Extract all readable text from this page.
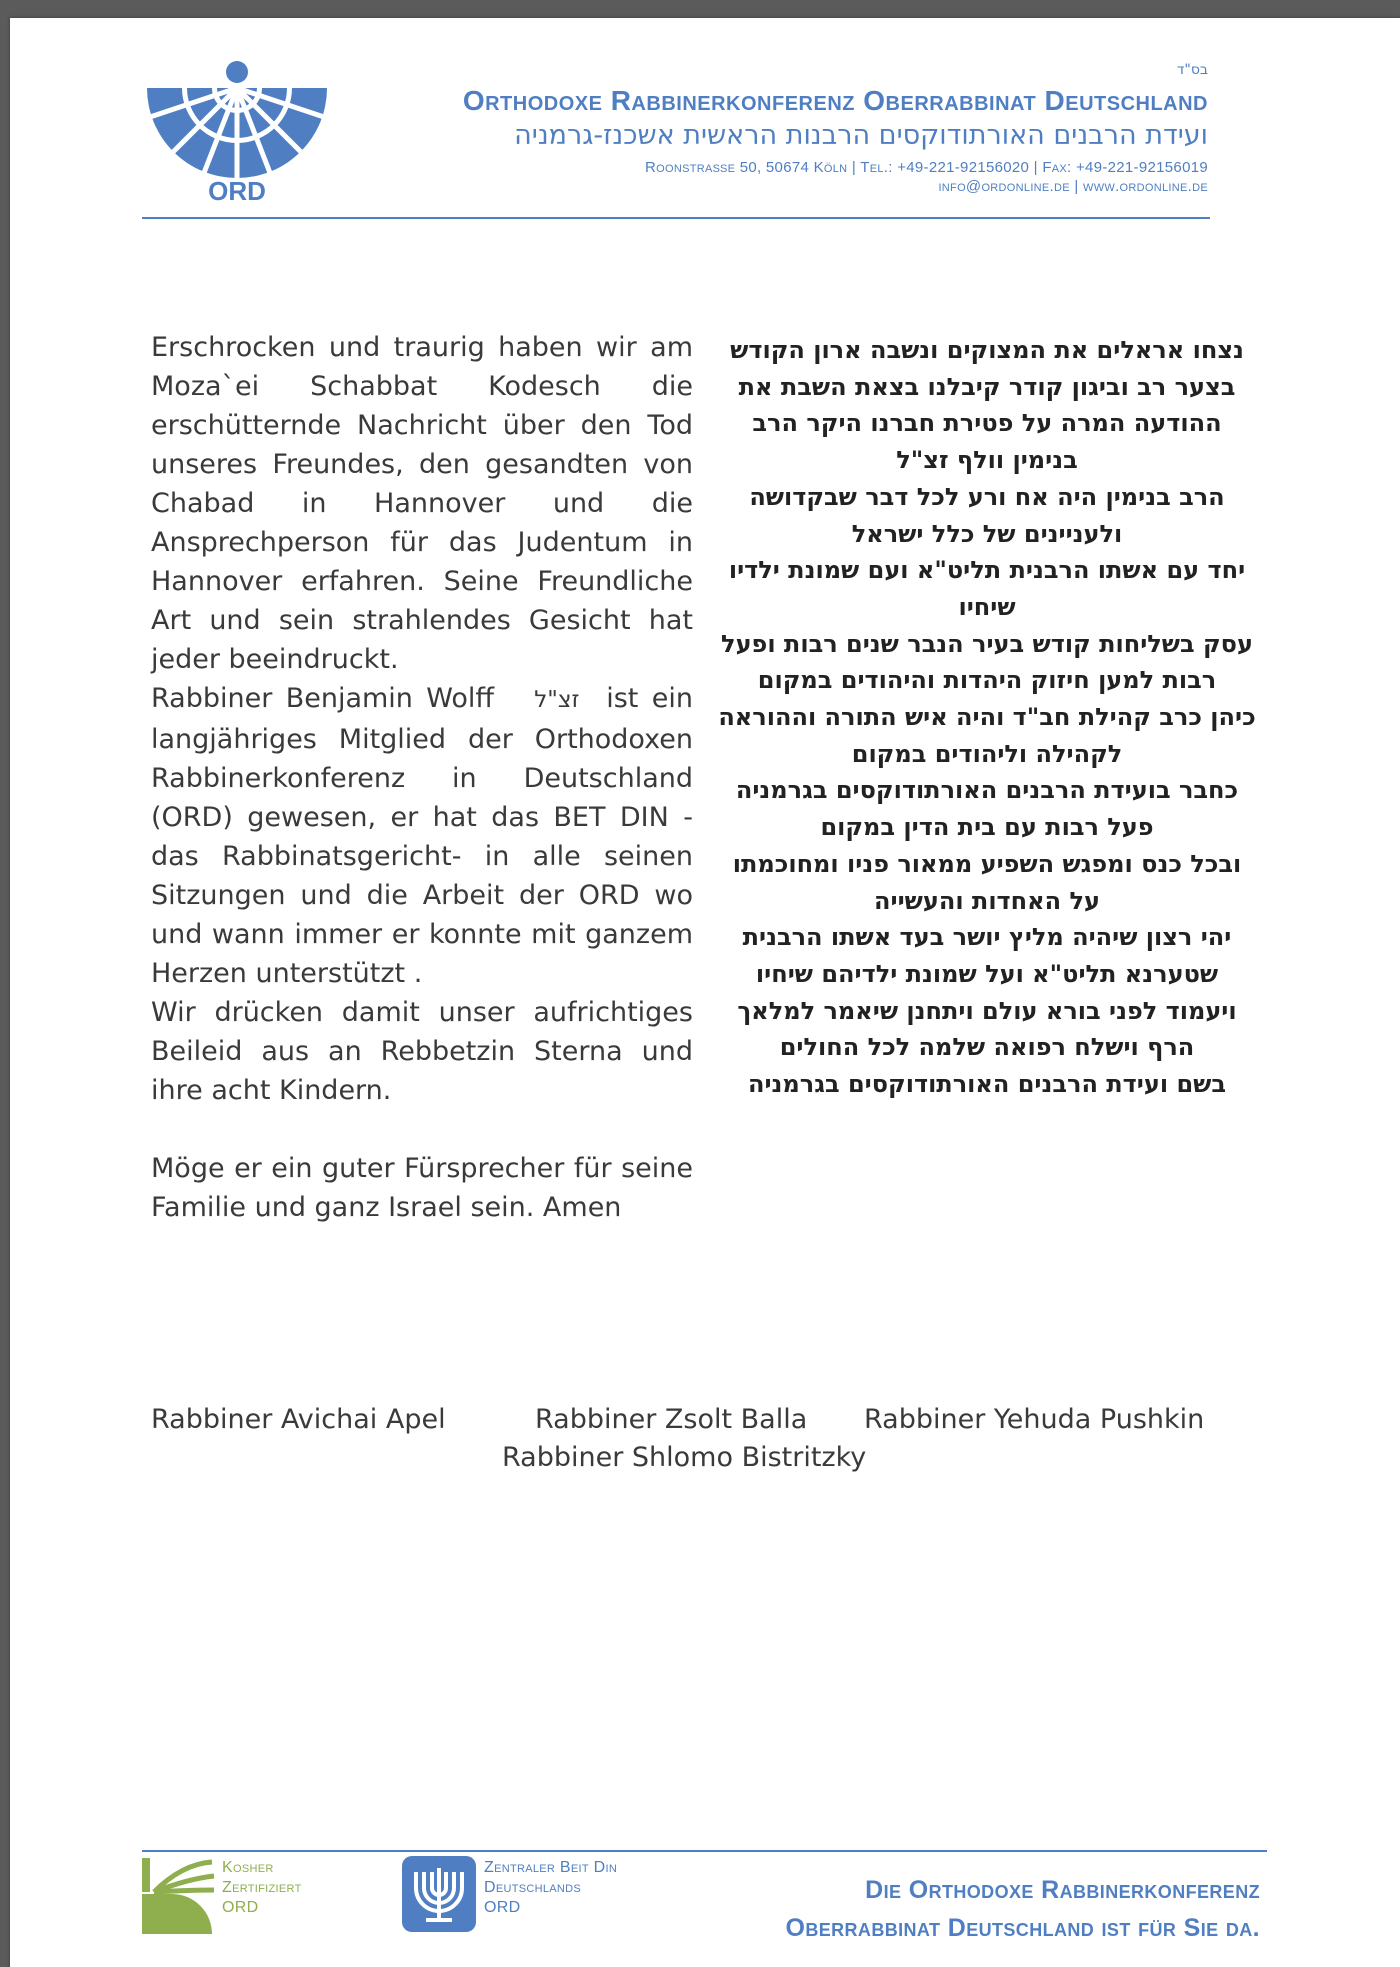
ORD
בס"ד
Orthodoxe Rabbinerkonferenz Oberrabbinat Deutschland
ועידת הרבנים האורתודוקסים הרבנות הראשית אשכנז-גרמניה
Roonstraße 50, 50674 Köln | Tel.: +49-221-92156020 | Fax: +49-221-92156019
info@ordonline.de | www.ordonline.de

Erschrocken und traurig haben wir am Moza`ei Schabbat Kodesch die erschütternde Nachricht über den Tod unseres Freundes, den gesandten von Chabad in Hannover und die Ansprechperson für das Judentum in Hannover erfahren. Seine Freundliche Art und sein strahlendes Gesicht hat jeder beeindruckt.

Rabbiner Benjamin Wolff זצ"ל ist ein langjähriges Mitglied der Orthodoxen Rabbinerkonferenz in Deutschland (ORD) gewesen, er hat das BET DIN -das Rabbinatsgericht- in alle seinen Sitzungen und die Arbeit der ORD wo und wann immer er konnte mit ganzem Herzen unterstützt .

Wir drücken damit unser aufrichtiges Beileid aus an Rebbetzin Sterna und ihre acht Kindern.

Möge er ein guter Fürsprecher für seine Familie und ganz Israel sein. Amen

נצחו אראלים את המצוקים ונשבה ארון הקודש

בצער רב וביגון קודר קיבלנו בצאת השבת את ההודעה המרה על פטירת חברנו היקר הרב בנימין וולף זצ"ל

הרב בנימין היה אח ורע לכל דבר שבקדושה ולעניינים של כלל ישראל

יחד עם אשתו הרבנית תליט"א ועם שמונת ילדיו שיחיו

עסק בשליחות קודש בעיר הנבר שנים רבות ופעל רבות למען חיזוק היהדות והיהודים במקום

כיהן כרב קהילת חב"ד והיה איש התורה וההוראה לקהילה וליהודים במקום

כחבר בועידת הרבנים האורתודוקסים בגרמניה פעל רבות עם בית הדין במקום

ובכל כנס ומפגש השפיע ממאור פניו ומחוכמתו על האחדות והעשייה

יהי רצון שיהיה מליץ יושר בעד אשתו הרבנית שטערנא תליט"א ועל שמונת ילדיהם שיחיו

ויעמוד לפני בורא עולם ויתחנן שיאמר למלאך הרף וישלח רפואה שלמה לכל החולים

בשם ועידת הרבנים האורתודוקסים בגרמניה

Rabbiner Avichai Apel	Rabbiner Zsolt Balla Rabbiner Yehuda Pushkin
Rabbiner Shlomo Bistritzky
Kosher
Zertifiziert
ORD
Zentraler Beit Din
Deutschlands
ORD
Die Orthodoxe Rabbinerkonferenz
Oberrabbinat Deutschland ist für Sie da.
